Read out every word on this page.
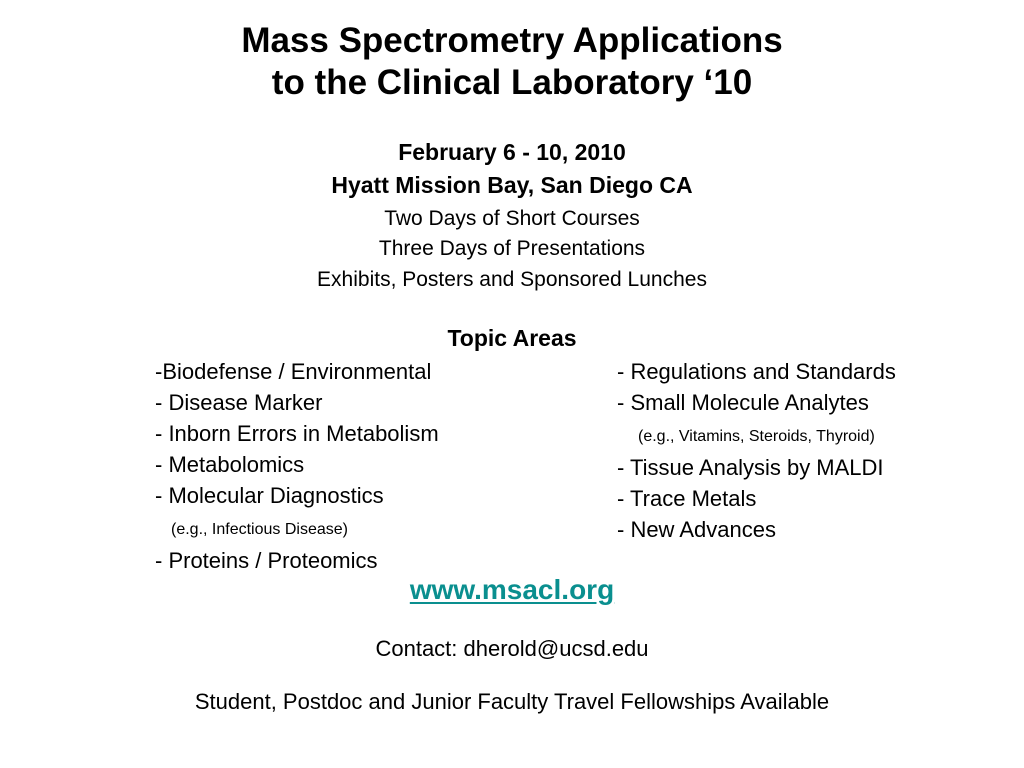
Mass Spectrometry Applications
to the Clinical Laboratory ‘10
February 6 - 10, 2010
Hyatt Mission Bay, San Diego CA
Two Days of Short Courses
Three Days of Presentations
Exhibits, Posters and Sponsored Lunches
Topic Areas
-Biodefense / Environmental
- Disease Marker
- Inborn Errors in Metabolism
- Metabolomics
- Molecular Diagnostics
(e.g., Infectious Disease)
- Proteins / Proteomics
- Regulations and Standards
- Small Molecule Analytes
(e.g., Vitamins, Steroids, Thyroid)
- Tissue Analysis by MALDI
- Trace Metals
- New Advances
www.msacl.org
Contact: dherold@ucsd.edu
Student, Postdoc and Junior Faculty Travel Fellowships Available
